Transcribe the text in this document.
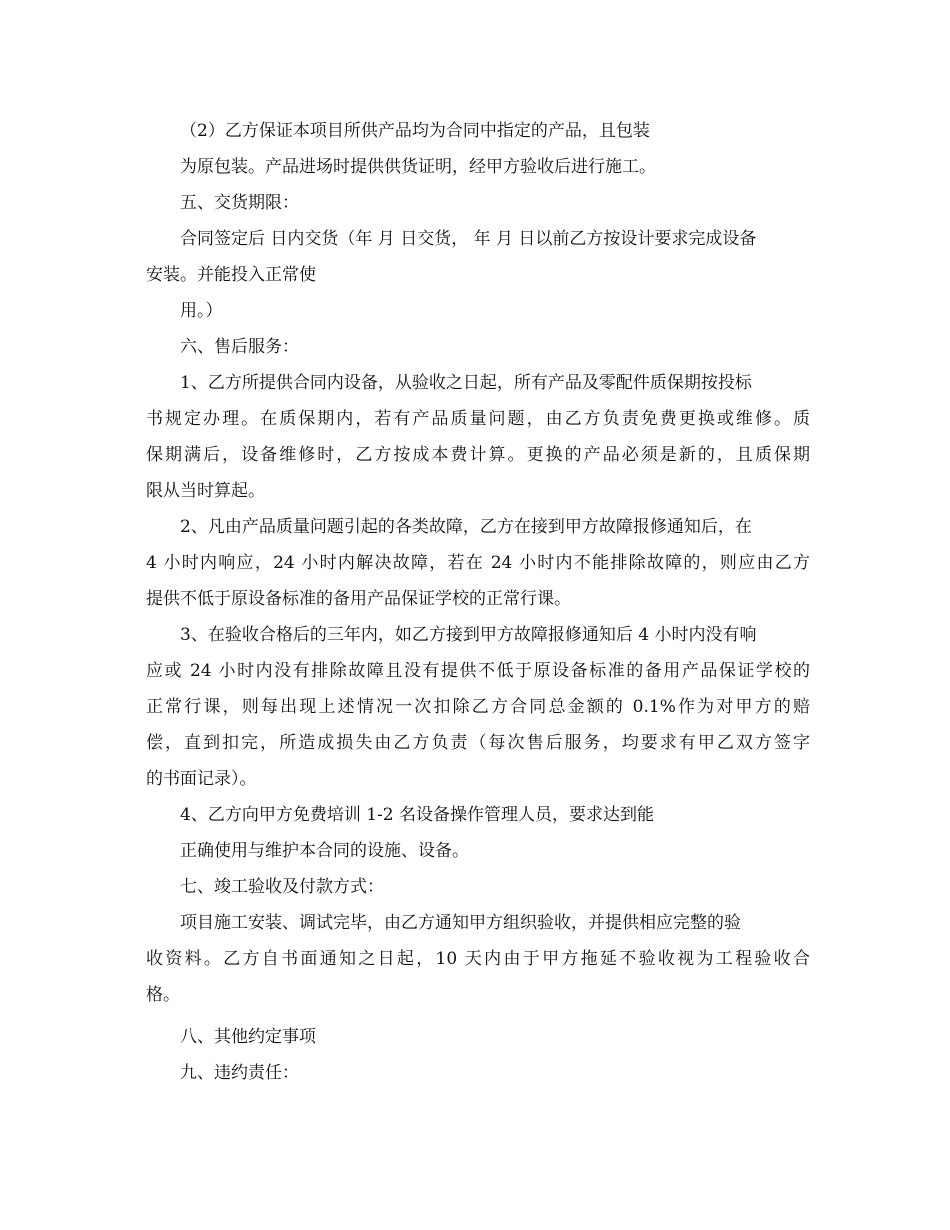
（2）乙方保证本项目所供产品均为合同中指定的产品，且包装
为原包装。产品进场时提供供货证明，经甲方验收后进行施工。
五、交货期限：
合同签定后 日内交货（年 月 日交货， 年 月 日以前乙方按设计要求完成设备
安装。并能投入正常使
用。）
六、售后服务：
1、乙方所提供合同内设备，从验收之日起，所有产品及零配件质保期按投标
书规定办理。在质保期内，若有产品质量问题，由乙方负责免费更换或维修。质
保期满后，设备维修时，乙方按成本费计算。更换的产品必须是新的，且质保期
限从当时算起。
2、凡由产品质量问题引起的各类故障，乙方在接到甲方故障报修通知后，在
4 小时内响应，24 小时内解决故障，若在 24 小时内不能排除故障的，则应由乙方
提供不低于原设备标准的备用产品保证学校的正常行课。
3、在验收合格后的三年内，如乙方接到甲方故障报修通知后 4 小时内没有响
应或 24 小时内没有排除故障且没有提供不低于原设备标准的备用产品保证学校的
正常行课，则每出现上述情况一次扣除乙方合同总金额的 0.1%作为对甲方的赔
偿，直到扣完，所造成损失由乙方负责（每次售后服务，均要求有甲乙双方签字
的书面记录）。
4、乙方向甲方免费培训 1-2 名设备操作管理人员，要求达到能
正确使用与维护本合同的设施、设备。
七、竣工验收及付款方式：
项目施工安装、调试完毕，由乙方通知甲方组织验收，并提供相应完整的验
收资料。乙方自书面通知之日起，10 天内由于甲方拖延不验收视为工程验收合
格。
八、其他约定事项
九、违约责任：
